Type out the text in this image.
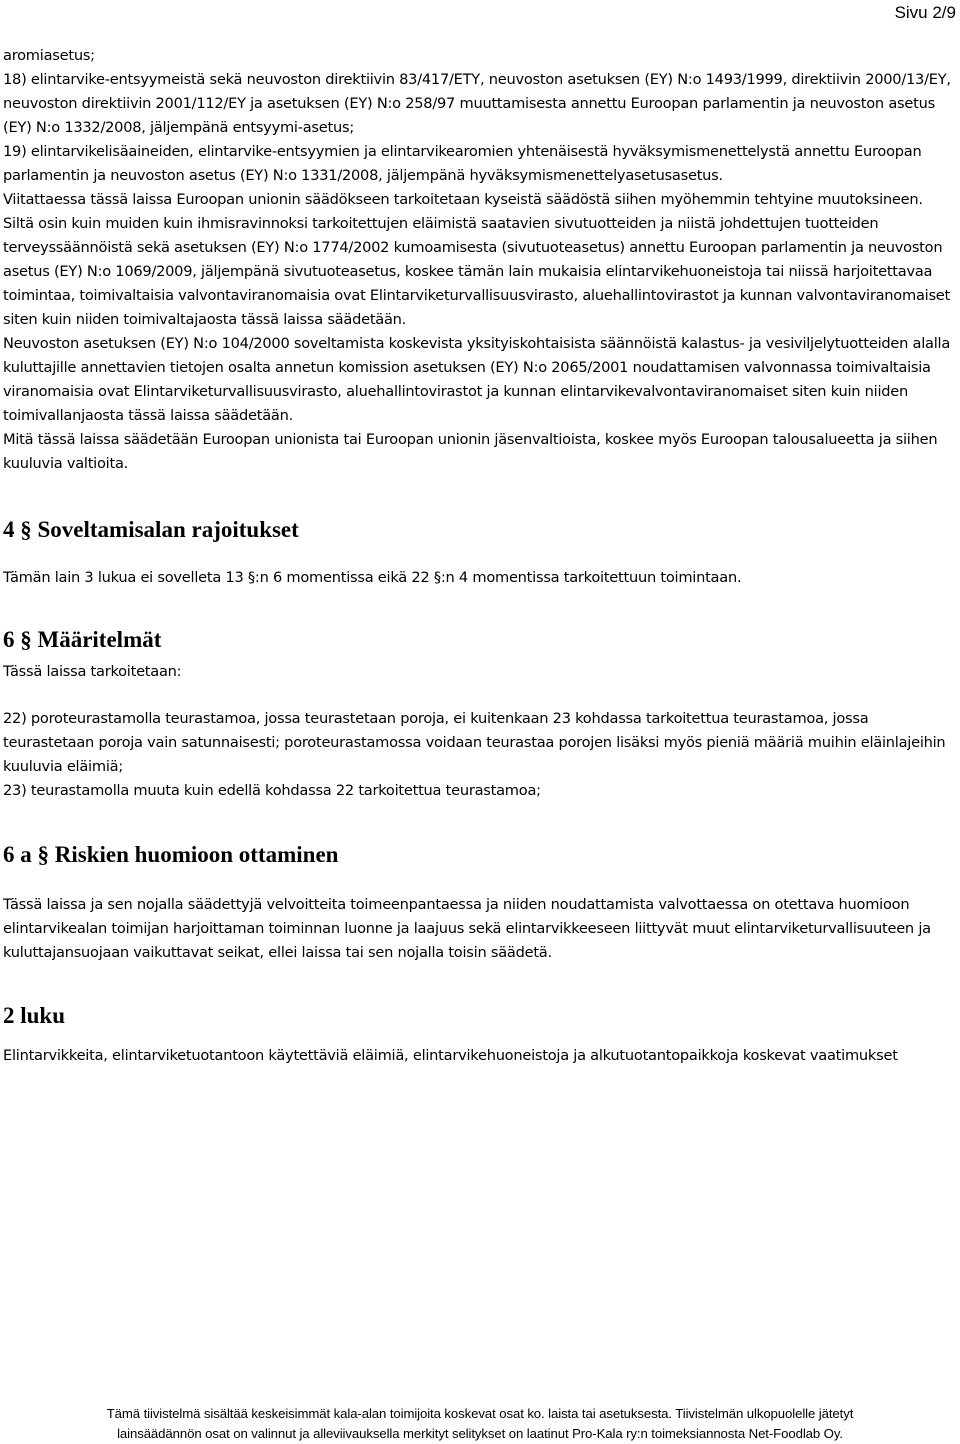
Sivu 2/9

aromiasetus;

18) elintarvike-entsyymeistä sekä neuvoston direktiivin 83/417/ETY, neuvoston asetuksen (EY) N:o 1493/1999, direktiivin 2000/13/EY, neuvoston direktiivin 2001/112/EY ja asetuksen (EY) N:o 258/97 muuttamisesta annettu Euroopan parlamentin ja neuvoston asetus (EY) N:o 1332/2008, jäljempänä entsyymi-asetus;

19) elintarvikelisäaineiden, elintarvike-entsyymien ja elintarvikearomien yhtenäisestä hyväksymismenettelystä annettu Euroopan parlamentin ja neuvoston asetus (EY) N:o 1331/2008, jäljempänä hyväksymismenettelyasetusasetus.

Viitattaessa tässä laissa Euroopan unionin säädökseen tarkoitetaan kyseistä säädöstä siihen myöhemmin tehtyine muutoksineen.

Siltä osin kuin muiden kuin ihmisravinnoksi tarkoitettujen eläimistä saatavien sivutuotteiden ja niistä johdettujen tuotteiden terveyssäännöistä sekä asetuksen (EY) N:o 1774/2002 kumoamisesta (sivutuoteasetus) annettu Euroopan parlamentin ja neuvoston asetus (EY) N:o 1069/2009, jäljempänä sivutuoteasetus, koskee tämän lain mukaisia elintarvikehuoneistoja tai niissä harjoitettavaa toimintaa, toimivaltaisia valvontaviranomaisia ovat Elintarviketurvallisuusvirasto, aluehallintovirastot ja kunnan valvontaviranomaiset siten kuin niiden toimivaltajaosta tässä laissa säädetään.

Neuvoston asetuksen (EY) N:o 104/2000 soveltamista koskevista yksityiskohtaisista säännöistä kalastus- ja vesiviljelytuotteiden alalla kuluttajille annettavien tietojen osalta annetun komission asetuksen (EY) N:o 2065/2001 noudattamisen valvonnassa toimivaltaisia viranomaisia ovat Elintarviketurvallisuusvirasto, aluehallintovirastot ja kunnan elintarvikevalvontaviranomaiset siten kuin niiden toimivallanjaosta tässä laissa säädetään.

Mitä tässä laissa säädetään Euroopan unionista tai Euroopan unionin jäsenvaltioista, koskee myös Euroopan talousalueetta ja siihen kuuluvia valtioita.

4 § Soveltamisalan rajoitukset
Tämän lain 3 lukua ei sovelleta 13 §:n 6 momentissa eikä 22 §:n 4 momentissa tarkoitettuun toimintaan.
6 § Määritelmät
Tässä laissa tarkoitetaan:

22) poroteurastamolla teurastamoa, jossa teurastetaan poroja, ei kuitenkaan 23 kohdassa tarkoitettua teurastamoa, jossa teurastetaan poroja vain satunnaisesti; poroteurastamossa voidaan teurastaa porojen lisäksi myös pieniä määriä muihin eläinlajeihin kuuluvia eläimiä;

23) teurastamolla muuta kuin edellä kohdassa 22 tarkoitettua teurastamoa;

6 a § Riskien huomioon ottaminen
Tässä laissa ja sen nojalla säädettyjä velvoitteita toimeenpantaessa ja niiden noudattamista valvottaessa on otettava huomioon elintarvikealan toimijan harjoittaman toiminnan luonne ja laajuus sekä elintarvikkeeseen liittyvät muut elintarviketurvallisuuteen ja kuluttajansuojaan vaikuttavat seikat, ellei laissa tai sen nojalla toisin säädetä.
2 luku
Elintarvikkeita, elintarviketuotantoon käytettäviä eläimiä, elintarvikehuoneistoja ja alkutuotantopaikkoja koskevat vaatimukset

Tämä tiivistelmä sisältää keskeisimmät kala-alan toimijoita koskevat osat ko. laista tai asetuksesta. Tiivistelmän ulkopuolelle jätetyt

lainsäädännön osat on valinnut ja alleviivauksella merkityt selitykset on laatinut Pro-Kala ry:n toimeksiannosta Net-Foodlab Oy.
